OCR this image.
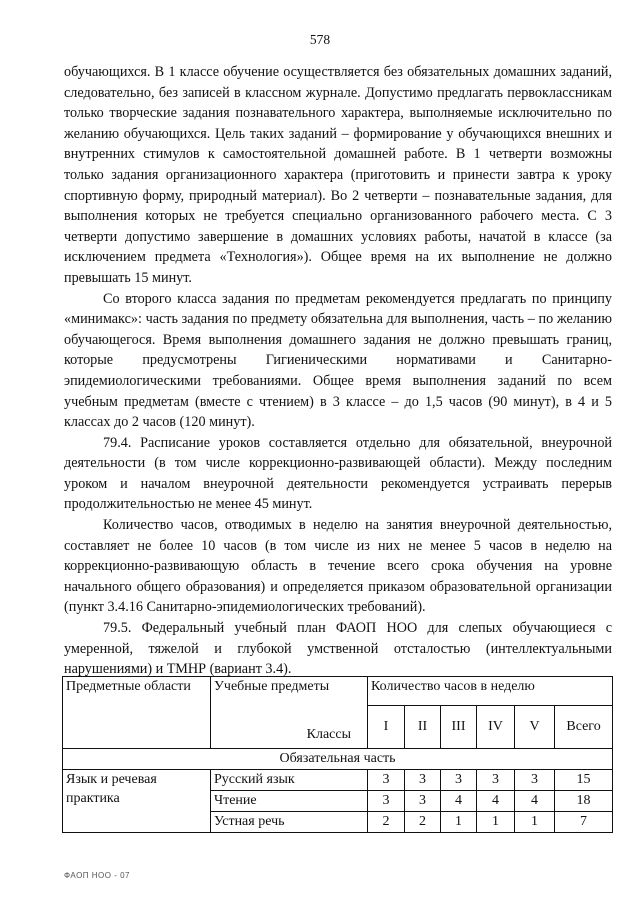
578

обучающихся. В 1 классе обучение осуществляется без обязательных домашних заданий, следовательно, без записей в классном журнале. Допустимо предлагать первоклассникам только творческие задания познавательного характера, выполняемые исключительно по желанию обучающихся. Цель таких заданий – формирование у обучающихся внешних и внутренних стимулов к самостоятельной домашней работе. В 1 четверти возможны только задания организационного характера (приготовить и принести завтра к уроку спортивную форму, природный материал). Во 2 четверти – познавательные задания, для выполнения которых не требуется специально организованного рабочего места. С 3 четверти допустимо завершение в домашних условиях работы, начатой в классе (за исключением предмета «Технология»). Общее время на их выполнение не должно превышать 15 минут.

Со второго класса задания по предметам рекомендуется предлагать по принципу «минимакс»: часть задания по предмету обязательна для выполнения, часть – по желанию обучающегося. Время выполнения домашнего задания не должно превышать границ, которые предусмотрены Гигиеническими нормативами и Санитарно-эпидемиологическими требованиями. Общее время выполнения заданий по всем учебным предметам (вместе с чтением) в 3 классе – до 1,5 часов (90 минут), в 4 и 5 классах до 2 часов (120 минут).

79.4. Расписание уроков составляется отдельно для обязательной, внеурочной деятельности (в том числе коррекционно-развивающей области). Между последним уроком и началом внеурочной деятельности рекомендуется устраивать перерыв продолжительностью не менее 45 минут.

Количество часов, отводимых в неделю на занятия внеурочной деятельностью, составляет не более 10 часов (в том числе из них не менее 5 часов в неделю на коррекционно-развивающую область в течение всего срока обучения на уровне начального общего образования) и определяется приказом образовательной организации (пункт 3.4.16 Санитарно-эпидемиологических требований).

79.5. Федеральный учебный план ФАОП НОО для слепых обучающиеся с умеренной, тяжелой и глубокой умственной отсталостью (интеллектуальными нарушениями) и ТМНР (вариант 3.4).

Предметные области	Учебные предметы	Количество часов в неделю					
	Классы	I	II	III	IV	V	Всего
Обязательная часть							
Язык и речевая практика	Русский язык	3	3	3	3	3	15
	Чтение	3	3	4	4	4	18
	Устная речь	2	2	1	1	1	7
ФАОП НОО - 07
